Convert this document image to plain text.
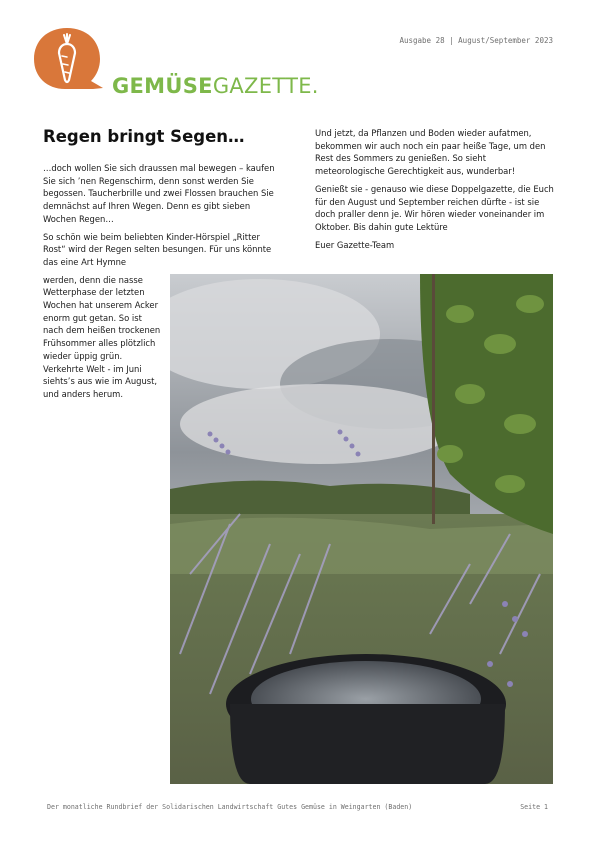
GEMÜSEGAZETTE.
Ausgabe 28 | August/September 2023
Regen bringt Segen…

…doch wollen Sie sich draussen mal bewegen – kaufen Sie sich ’nen Regenschirm, denn sonst werden Sie begossen. Taucherbrille und zwei Flossen brauchen Sie demnächst auf Ihren Wegen. Denn es gibt sieben Wochen Regen…

So schön wie beim beliebten Kinder-Hörspiel „Ritter Rost“ wird der Regen selten besungen. Für uns könnte das eine Art Hymne

werden, denn die nasse Wetterphase der letzten Wochen hat unserem Acker enorm gut getan. So ist nach dem heißen trockenen Frühsommer alles plötzlich wieder üppig grün. Verkehrte Welt - im Juni siehts’s aus wie im August, und anders herum.

Und jetzt, da Pflanzen und Boden wieder aufatmen, bekommen wir auch noch ein paar heiße Tage, um den Rest des Sommers zu genießen. So sieht meteorologische Gerechtigkeit aus, wunderbar!

Genießt sie - genauso wie diese Doppelgazette, die Euch für den August und September reichen dürfte - ist sie doch praller denn je. Wir hören wieder voneinander im Oktober. Bis dahin gute Lektüre

Euer Gazette-Team

Der monatliche Rundbrief der Solidarischen Landwirtschaft Gutes Gemüse in Weingarten (Baden)	Seite 1
